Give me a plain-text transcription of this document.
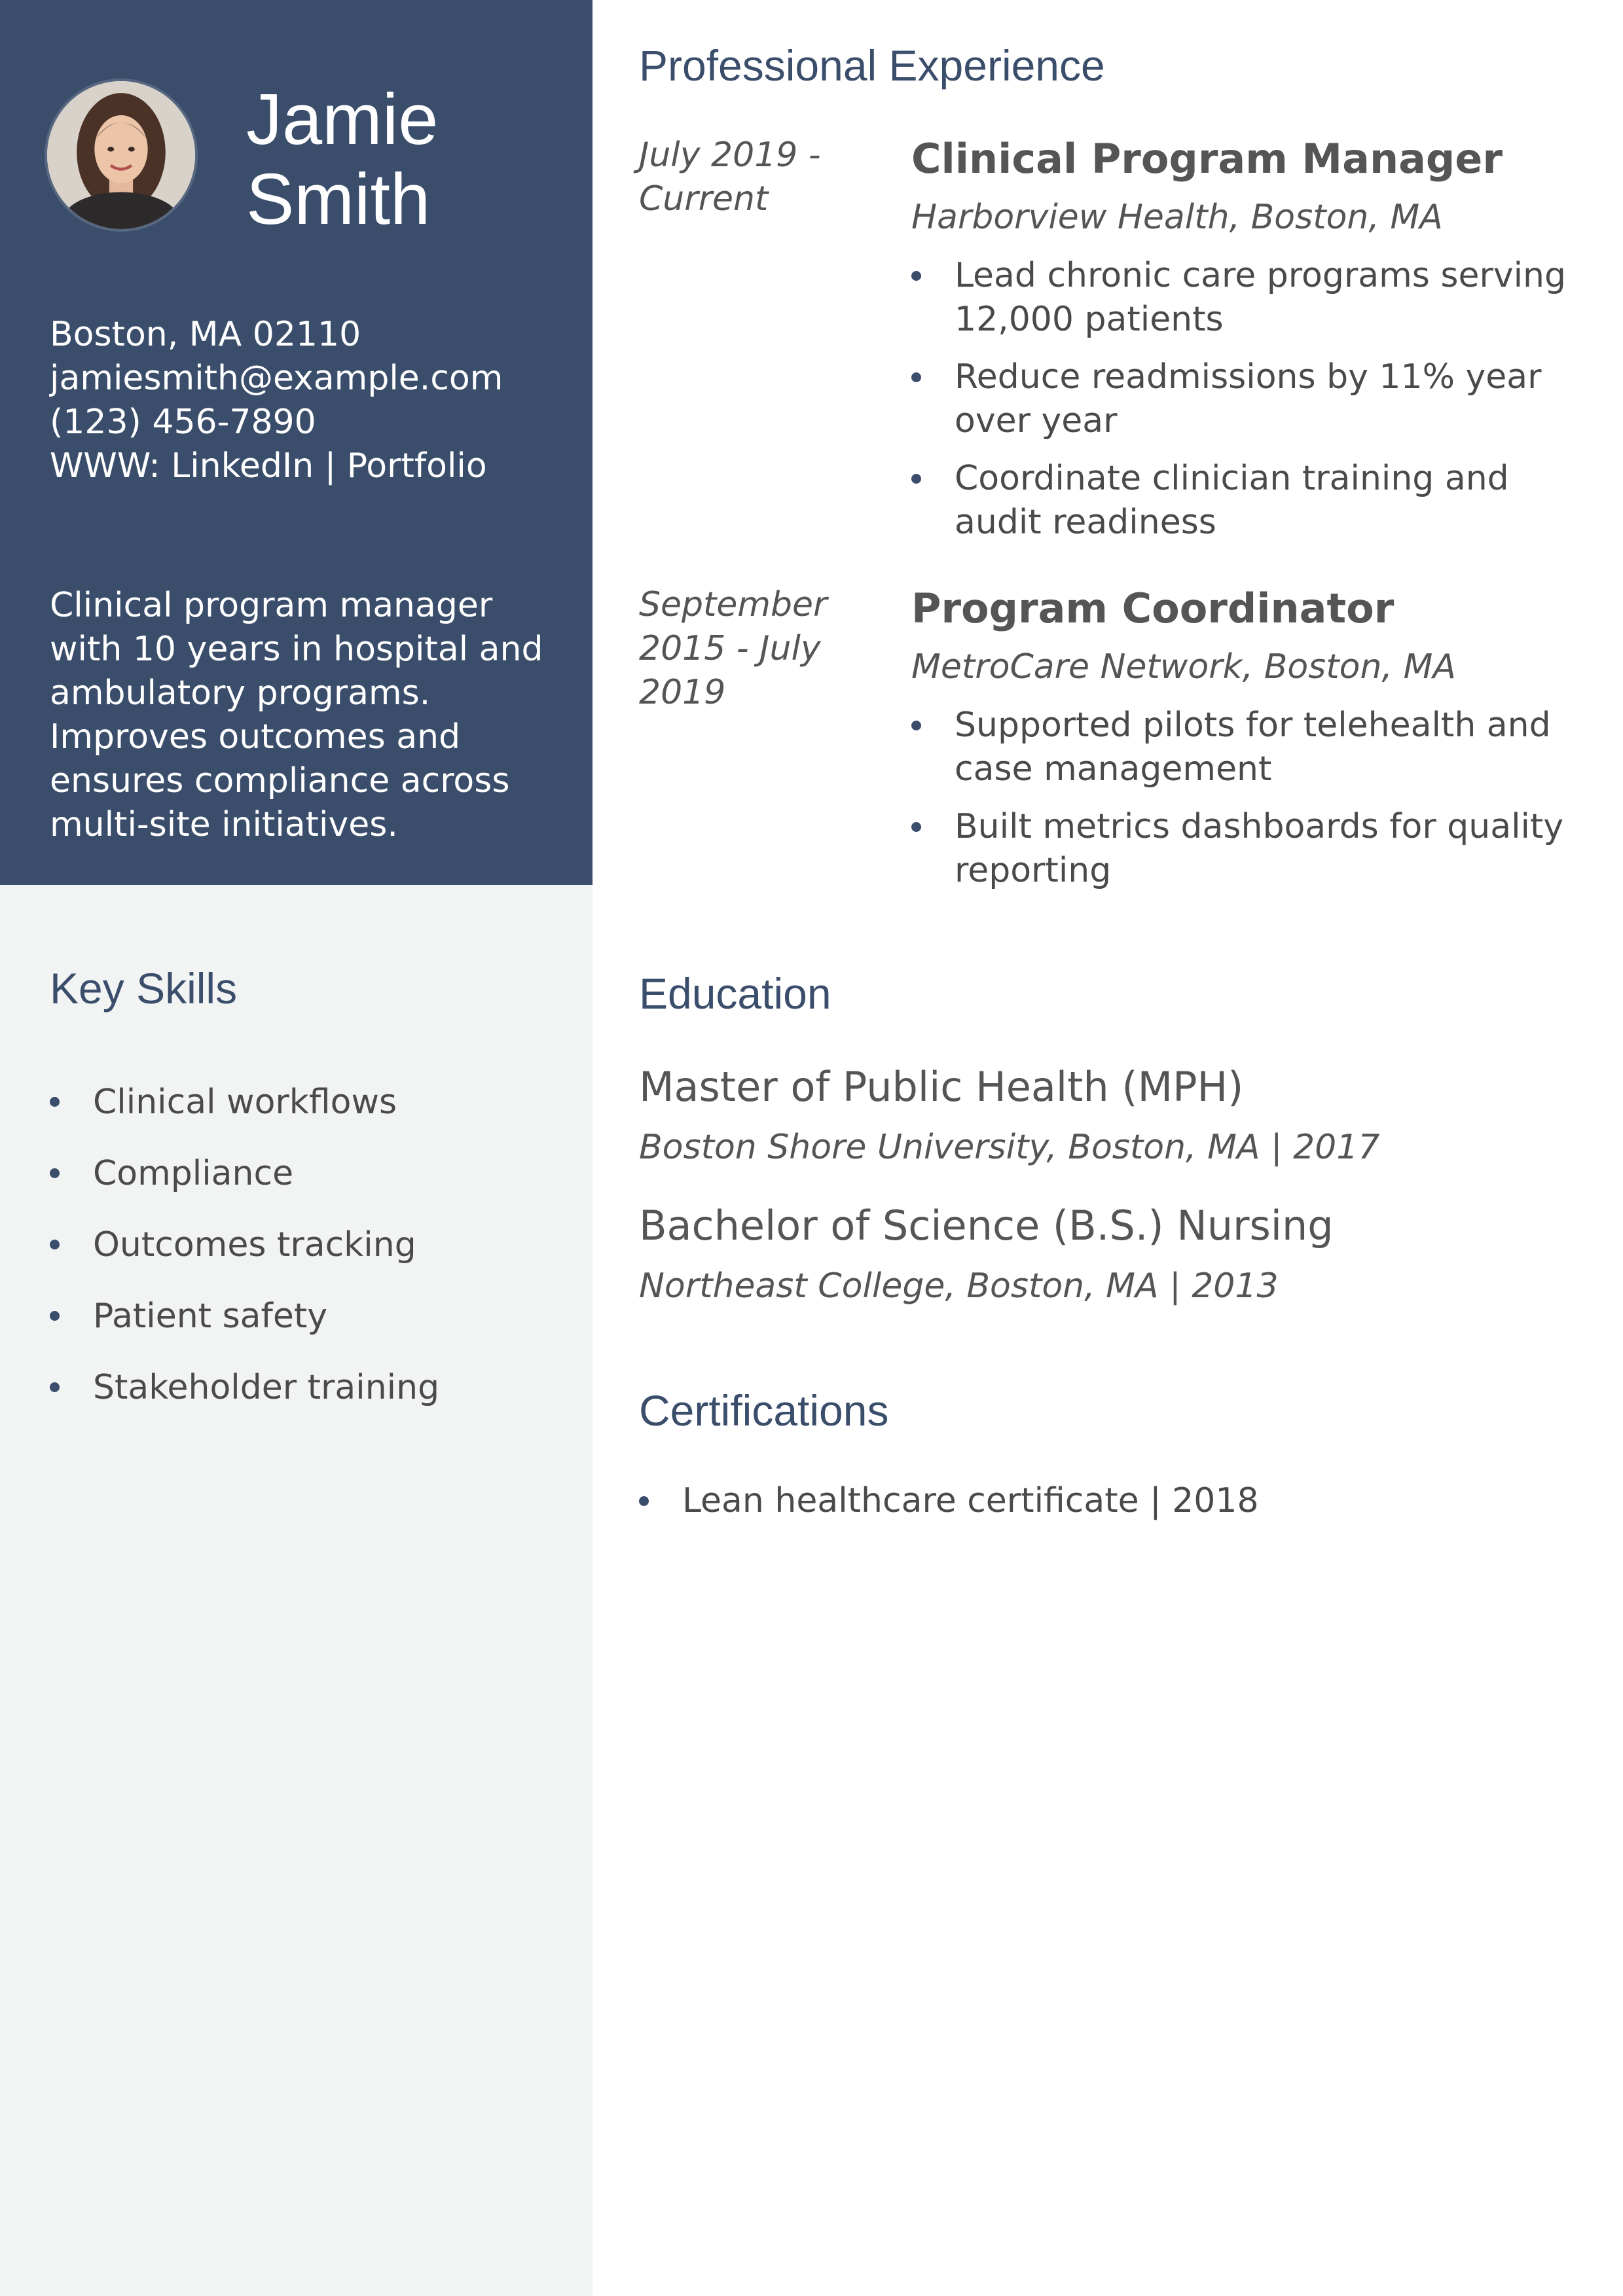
Jamie
Smith
Boston, MA 02110
jamiesmith@example.com
(123) 456-7890
WWW: LinkedIn | Portfolio
Clinical program manager with 10 years in hospital and ambulatory programs. Improves outcomes and ensures compliance across multi-site initiatives.
Key Skills
Clinical workflows
Compliance
Outcomes tracking
Patient safety
Stakeholder training
Professional Experience
July 2019 - Current
Clinical Program Manager
Harborview Health, Boston, MA
Lead chronic care programs serving 12,000 patients
Reduce readmissions by 11% year over year
Coordinate clinician training and audit readiness
September 2015 - July 2019
Program Coordinator
MetroCare Network, Boston, MA
Supported pilots for telehealth and case management
Built metrics dashboards for quality reporting
Education
Master of Public Health (MPH)
Boston Shore University, Boston, MA | 2017
Bachelor of Science (B.S.) Nursing
Northeast College, Boston, MA | 2013
Certifications
Lean healthcare certificate | 2018
